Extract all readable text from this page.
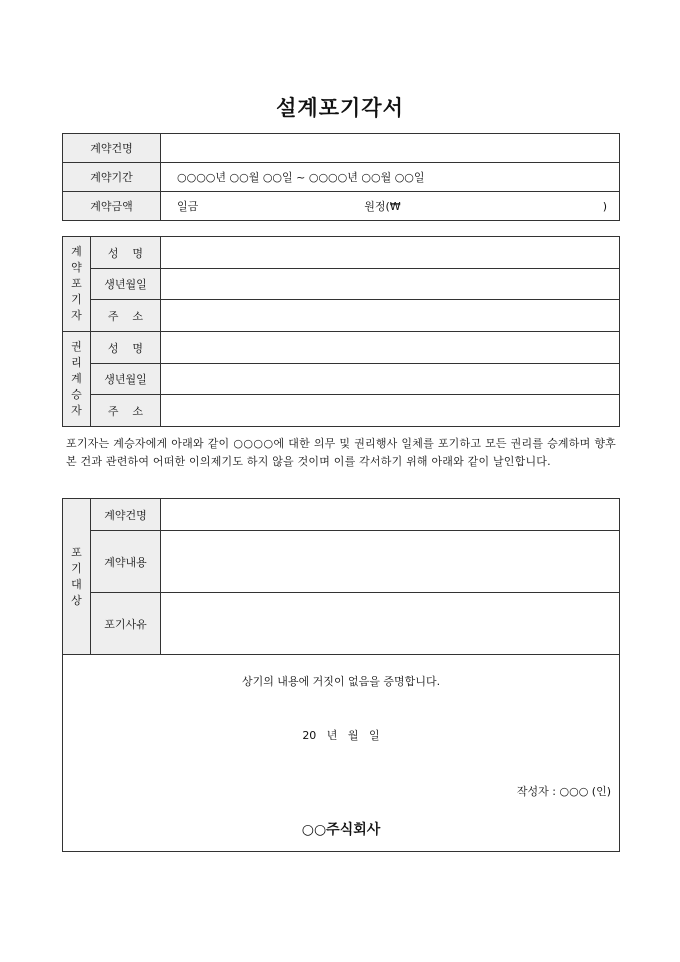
설계포기각서
계약건명	
계약기간	○○○○년 ○○월 ○○일 ~ ○○○○년 ○○월 ○○일
계약금액	일금 원정(₩ )
계
약
포
기
자	성 명	

	생년월일	

	주 소	

권
리
계
승
자	성 명	

	생년월일	

	주 소	

포기자는 계승자에게 아래와 같이 ○○○○에 대한 의무 및 권리행사 일체를 포기하고 모든 권리를 승계하며 향후 본 건과 관련하여 어떠한 이의제기도 하지 않을 것이며 이를 각서하기 위해 아래와 같이 날인합니다.
포
기
대
상	계약건명	
	계약내용	
	포기사유	

상기의 내용에 거짓이 없음을 증명합니다.
20   년   월   일
작성자 : ○○○ (인)
○○주식회사		
